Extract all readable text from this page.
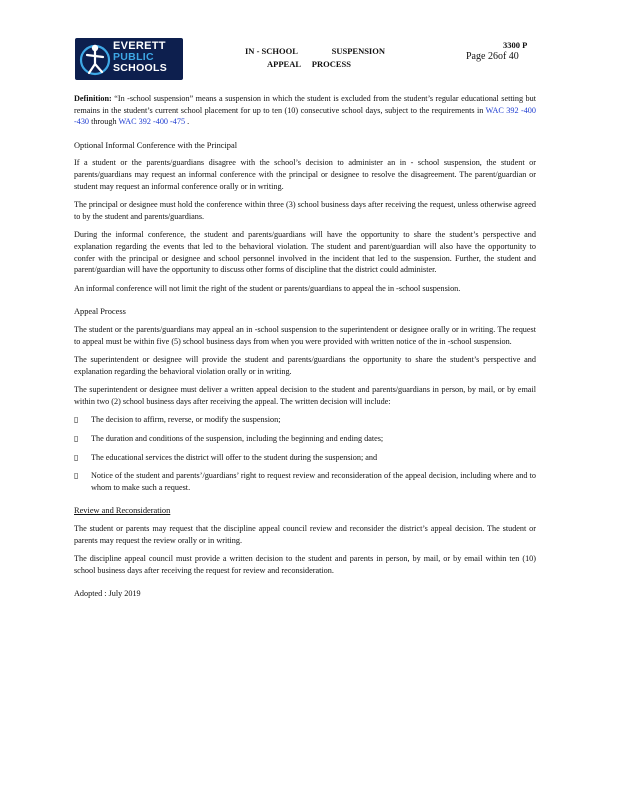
EVERETT
PUBLIC
SCHOOLS
IN - SCHOOL	SUSPENSION
APPEAL PROCESS
3300 P
Page 26of 40

Definition: “In -school suspension” means a suspension in which the student is excluded from the student’s regular educational setting but remains in the student’s current school placement for up to ten (10) consecutive school days, subject to the requirements in WAC 392 -400 -430 through WAC 392 -400 -475 .

Optional Informal Conference with the Principal

If a student or the parents/guardians disagree with the school’s decision to administer an in - school suspension, the student or parents/guardians may request an informal conference with the principal or designee to resolve the disagreement. The parent/guardian or student may request an informal conference orally or in writing.

The principal or designee must hold the conference within three (3) school business days after receiving the request, unless otherwise agreed to by the student and parents/guardians.

During the informal conference, the student and parents/guardians will have the opportunity to share the student’s perspective and explanation regarding the events that led to the behavioral violation. The student and parent/guardian will also have the opportunity to confer with the principal or designee and school personnel involved in the incident that led to the suspension. Further, the student and parent/guardian will have the opportunity to discuss other forms of discipline that the district could administer.

An informal conference will not limit the right of the student or parents/guardians to appeal the in -school suspension.

Appeal Process

The student or the parents/guardians may appeal an in -school suspension to the superintendent or designee orally or in writing. The request to appeal must be within five (5) school business days from when you were provided with written notice of the in -school suspension.

The superintendent or designee will provide the student and parents/guardians the opportunity to share the student’s perspective and explanation regarding the behavioral violation orally or in writing.

The superintendent or designee must deliver a written appeal decision to the student and parents/guardians in person, by mail, or by email within two (2) school business days after receiving the appeal. The written decision will include:

▯ The decision to affirm, reverse, or modify the suspension;
▯ The duration and conditions of the suspension, including the beginning and ending dates;
▯ The educational services the district will offer to the student during the suspension; and
▯ Notice of the student and parents’/guardians’ right to request review and reconsideration of the appeal decision, including where and to whom to make such a request.
Review and Reconsideration

The student or parents may request that the discipline appeal council review and reconsider the district’s appeal decision. The student or parents may request the review orally or in writing.

The discipline appeal council must provide a written decision to the student and parents in person, by mail, or by email within ten (10) school business days after receiving the request for review and reconsideration.

Adopted : July 2019
